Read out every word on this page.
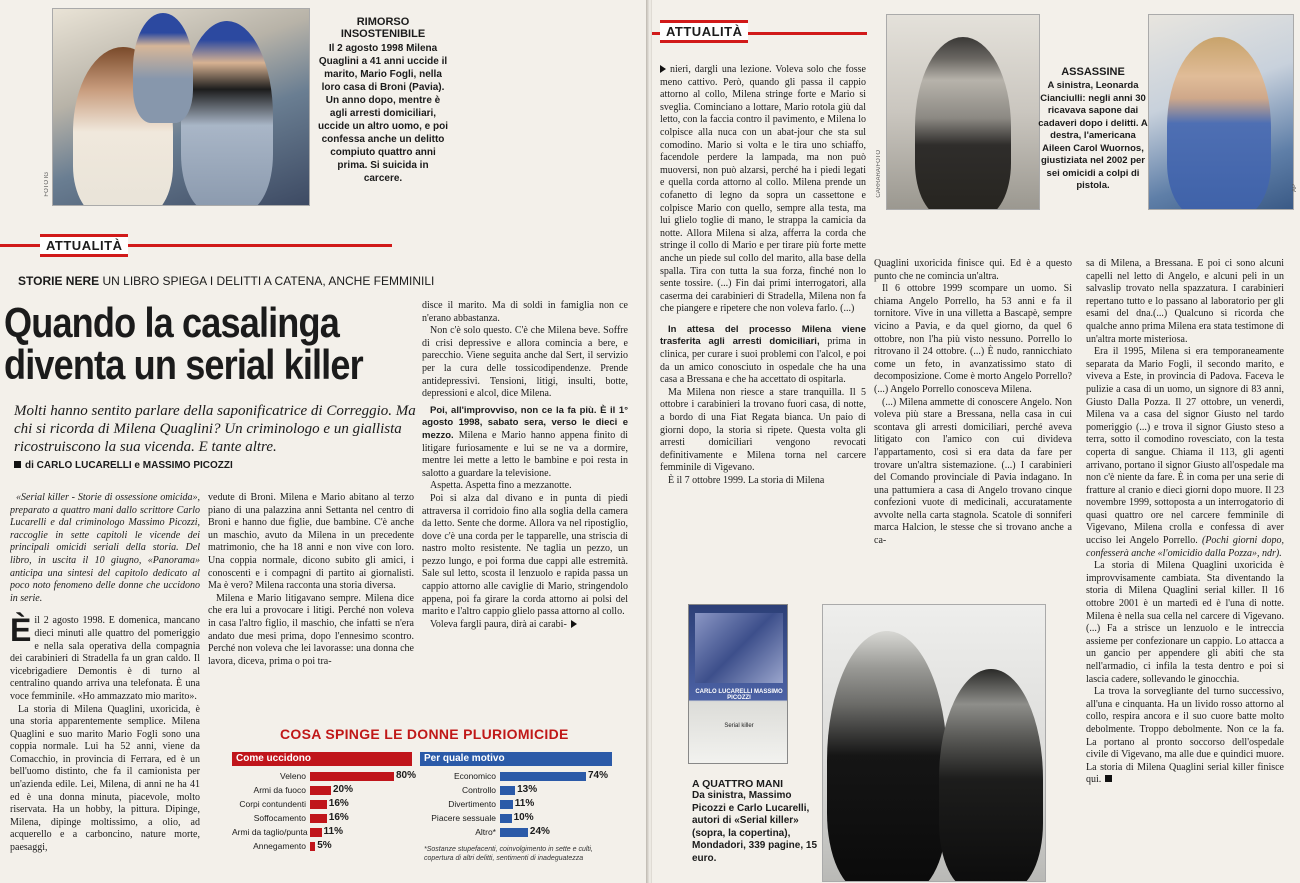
FOTO IG
RIMORSO INSOSTENIBILE
Il 2 agosto 1998 Milena Quaglini a 41 anni uccide il marito, Mario Fogli, nella loro casa di Broni (Pavia). Un anno dopo, mentre è agli arresti domiciliari, uccide un altro uomo, e poi confessa anche un delitto compiuto quattro anni prima. Si suicida in carcere.
ATTUALITÀ
STORIE NERE UN LIBRO SPIEGA I DELITTI A CATENA, ANCHE FEMMINILI
Quando la casalinga
diventa un serial killer
Molti hanno sentito parlare della saponificatrice di Correggio. Ma chi si ricorda di Milena Quaglini? Un criminologo e un giallista ricostruiscono la sua vicenda. E tante altre.
di CARLO LUCARELLI e MASSIMO PICOZZI

«Serial killer - Storie di ossessione omicida», preparato a quattro mani dallo scrittore Carlo Lucarelli e dal criminologo Massimo Picozzi, raccoglie in sette capitoli le vicende dei principali omicidi seriali della storia. Del libro, in uscita il 10 giugno, «Panorama» anticipa una sintesi del capitolo dedicato al poco noto fenomeno delle donne che uccidono in serie.

Èil 2 agosto 1998. E domenica, mancano dieci minuti alle quattro del pomeriggio e nella sala operativa della compagnia dei carabinieri di Stradella fa un gran caldo. Il vicebrigadiere Demontis è di turno al centralino quando arriva una telefonata. È una voce femminile. «Ho ammazzato mio marito».

La storia di Milena Quaglini, uxoricida, è una storia apparentemente semplice. Milena Quaglini e suo marito Mario Fogli sono una coppia normale. Lui ha 52 anni, viene da Comacchio, in provincia di Ferrara, ed è un bell'uomo distinto, che fa il camionista per un'azienda edile. Lei, Milena, di anni ne ha 41 ed è una donna minuta, piacevole, molto riservata. Ha un hobby, la pittura. Dipinge, Milena, dipinge moltissimo, a olio, ad acquerello e a carboncino, nature morte, paesaggi,

vedute di Broni. Milena e Mario abitano al terzo piano di una palazzina anni Settanta nel centro di Broni e hanno due figlie, due bambine. C'è anche un maschio, avuto da Milena in un precedente matrimonio, che ha 18 anni e non vive con loro. Una coppia normale, dicono subito gli amici, i conoscenti e i compagni di partito ai giornalisti. Ma è vero? Milena racconta una storia diversa.

Milena e Mario litigavano sempre. Milena dice che era lui a provocare i litigi. Perché non voleva in casa l'altro figlio, il maschio, che infatti se n'era andato due mesi prima, dopo l'ennesimo scontro. Perché non voleva che lei lavorasse: una donna che lavora, diceva, prima o poi tra-

disce il marito. Ma di soldi in famiglia non ce n'erano abbastanza.

Non c'è solo questo. C'è che Milena beve. Soffre di crisi depressive e allora comincia a bere, e parecchio. Viene seguita anche dal Sert, il servizio per la cura delle tossicodipendenze. Prende antidepressivi. Tensioni, litigi, insulti, botte, depressioni e alcol, dice Milena.

Poi, all'improvviso, non ce la fa più. È il 1° agosto 1998, sabato sera, verso le dieci e mezzo. Milena e Mario hanno appena finito di litigare furiosamente e lui se ne va a dormire, mentre lei mette a letto le bambine e poi resta in salotto a guardare la televisione.

Aspetta. Aspetta fino a mezzanotte.

Poi si alza dal divano e in punta di piedi attraversa il corridoio fino alla soglia della camera da letto. Sente che dorme. Allora va nel ripostiglio, dove c'è una corda per le tapparelle, una striscia di nastro molto resistente. Ne taglia un pezzo, un pezzo lungo, e poi forma due cappi alle estremità. Sale sul letto, scosta il lenzuolo e rapida passa un cappio attorno alle caviglie di Mario, stringendolo appena, poi fa girare la corda attorno ai polsi del marito e l'altro cappio glielo passa attorno al collo.

Voleva fargli paura, dirà ai carabi-

COSA SPINGE LE DONNE PLURIOMICIDE
Come uccidono
Veleno	80%
Armi da fuoco	20%
Corpi contundenti 16%
Soffocamento 16%
Armi da taglio/punta 11%
Annegamento 5%
Per quale motivo
Economico	74%
Controllo 13%
Divertimento 11%
Piacere sessuale 10%
Altro*	24%
*Sostanze stupefacenti, coinvolgimento in sette e culti, copertura di altri delitti, sentimenti di inadeguatezza
ATTUALITÀ
CARRARA/FOTO
ASSASSINE
A sinistra, Leonarda Cianciulli: negli anni 30 ricavava sapone dai cadaveri dopo i delitti. A destra, l'americana Aileen Carol Wuornos, giustiziata nel 2002 per sei omicidi a colpi di pistola.	AP

nieri, dargli una lezione. Voleva solo che fosse meno cattivo. Però, quando gli passa il cappio attorno al collo, Milena stringe forte e Mario si sveglia. Cominciano a lottare, Mario rotola giù dal letto, con la faccia contro il pavimento, e Milena lo colpisce alla nuca con un abat-jour che sta sul comodino. Mario si volta e le tira uno schiaffo, facendole perdere la lampada, ma non può muoversi, non può alzarsi, perché ha i piedi legati e quella corda attorno al collo. Milena prende un cofanetto di legno da sopra un cassettone e colpisce Mario con quello, sempre alla testa, ma lui glielo toglie di mano, le strappa la camicia da notte. Allora Milena si alza, afferra la corda che stringe il collo di Mario e per tirare più forte mette anche un piede sul collo del marito, alla base della spalla. Tira con tutta la sua forza, finché non lo sente tossire. (...) Fin dai primi interrogatori, alla caserma dei carabinieri di Stradella, Milena non fa che piangere e ripetere che non voleva farlo. (...)

In attesa del processo Milena viene trasferita agli arresti domiciliari, prima in clinica, per curare i suoi problemi con l'alcol, e poi da un amico conosciuto in ospedale che ha una casa a Bressana e che ha accettato di ospitarla.

Ma Milena non riesce a stare tranquilla. Il 5 ottobre i carabinieri la trovano fuori casa, di notte, a bordo di una Fiat Regata bianca. Un paio di giorni dopo, la storia si ripete. Questa volta gli arresti domiciliari vengono revocati definitivamente e Milena torna nel carcere femminile di Vigevano.

È il 7 ottobre 1999. La storia di Milena

Quaglini uxoricida finisce qui. Ed è a questo punto che ne comincia un'altra.

Il 6 ottobre 1999 scompare un uomo. Si chiama Angelo Porrello, ha 53 anni e fa il tornitore. Vive in una villetta a Bascapè, sempre vicino a Pavia, e da quel giorno, da quel 6 ottobre, non l'ha più visto nessuno. Porrello lo ritrovano il 24 ottobre. (...) È nudo, rannicchiato come un feto, in avanzatissimo stato di decomposizione. Come è morto Angelo Porrello? (...) Angelo Porrello conosceva Milena.

(...) Milena ammette di conoscere Angelo. Non voleva più stare a Bressana, nella casa in cui scontava gli arresti domiciliari, perché aveva litigato con l'amico con cui divideva l'appartamento, così si era data da fare per trovare un'altra sistemazione. (...) I carabinieri del Comando provinciale di Pavia indagano. In una pattumiera a casa di Angelo trovano cinque confezioni vuote di medicinali, accuratamente avvolte nella carta stagnola. Scatole di sonniferi marca Halcion, le stesse che si trovano anche a ca-

sa di Milena, a Bressana. E poi ci sono alcuni capelli nel letto di Angelo, e alcuni peli in un salvaslip trovato nella spazzatura. I carabinieri repertano tutto e lo passano al laboratorio per gli esami del dna.(...) Qualcuno si ricorda che qualche anno prima Milena era stata testimone di un'altra morte misteriosa.

Era il 1995, Milena si era temporaneamente separata da Mario Fogli, il secondo marito, e viveva a Este, in provincia di Padova. Faceva le pulizie a casa di un uomo, un signore di 83 anni, Giusto Dalla Pozza. Il 27 ottobre, un venerdì, Milena va a casa del signor Giusto nel tardo pomeriggio (...) e trova il signor Giusto steso a terra, sotto il comodino rovesciato, con la testa coperta di sangue. Chiama il 113, gli agenti arrivano, portano il signor Giusto all'ospedale ma non c'è niente da fare. È in coma per una serie di fratture al cranio e dieci giorni dopo muore. Il 23 novembre 1999, sottoposta a un interrogatorio di quasi quattro ore nel carcere femminile di Vigevano, Milena crolla e confessa di aver ucciso lei Angelo Porrello. (Pochi giorni dopo, confesserà anche «l'omicidio dalla Pozza», ndr).

La storia di Milena Quaglini uxoricida è improvvisamente cambiata. Sta diventando la storia di Milena Quaglini serial killer. Il 16 ottobre 2001 è un martedì ed è l'una di notte. Milena è nella sua cella nel carcere di Vigevano. (...) Fa a strisce un lenzuolo e le intreccia assieme per confezionare un cappio. Lo attacca a un gancio per appendere gli abiti che sta nell'armadio, ci infila la testa dentro e poi si lascia cadere, sollevando le ginocchia.

La trova la sorvegliante del turno successivo, all'una e cinquanta. Ha un livido rosso attorno al collo, respira ancora e il suo cuore batte molto debolmente. Troppo debolmente. Non ce la fa. La portano al pronto soccorso dell'ospedale civile di Vigevano, ma alle due e quindici muore. La storia di Milena Quaglini serial killer finisce qui.

CARLO LUCARELLI MASSIMO PICOZZI
Serial killer
A QUATTRO MANI
Da sinistra, Massimo Picozzi e Carlo Lucarelli, autori di «Serial killer» (sopra, la copertina), Mondadori, 339 pagine, 15 euro.
